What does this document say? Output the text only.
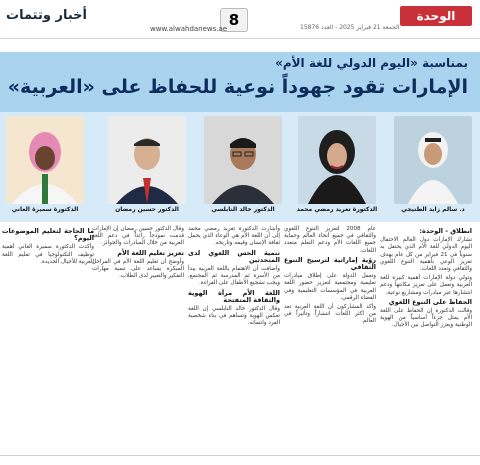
أخبار وتتمات	8
www.alwahdanews.ae	الجمعة 21 فبراير 2025 - العدد 15876
الوحدة
بمناسبة «اليوم الدولي للغة الأم»
الإمارات تقود جهوداً نوعية للحفاظ على «العربية»
د. سالم زايد الطنيجي
الدكتورة تغريد رمضي محمد
الدكتور خالد النابلسي
الدكتور حسين رمضان
الدكتورة سميرة العاني
انطلاق - الوحدة:

تشارك الإمارات دول العالم الاحتفال اليوم الدولي للغة الأم الذي يحتفل به سنوياً في 21 فبراير من كل عام بهدف تعزيز الوعي بأهمية التنوع اللغوي والثقافي وتعدد اللغات.

وتولي دولة الإمارات أهمية كبيرة للغة العربية وتعمل على تعزيز مكانتها ودعم انتشارها عبر مبادرات ومشاريع نوعية.

الحفاظ على التنوع اللغوي

وقالت الدكتورة إن الحفاظ على اللغة الأم يمثل جزءاً أساسياً من الهوية الوطنية ويعزز التواصل بين الأجيال.

عام 2008 لتعزيز التنوع اللغوي والثقافي في جميع أنحاء العالم وحماية جميع اللغات الأم ودعم التعلم متعدد اللغات.

رؤية إماراتية لترسيخ التنوع الثقافي

وتعمل الدولة على إطلاق مبادرات تعليمية ومجتمعية لتعزيز حضور اللغة العربية في المؤسسات التعليمية وفي الفضاء الرقمي.

وأكد المشاركون أن اللغة العربية تعد من أكثر اللغات انتشاراً وتأثيراً في العالم.

وأشارت الدكتورة تغريد رمضي محمد إلى أن اللغة الأم هي الوعاء الذي يحمل ثقافة الإنسان وقيمه وتاريخه.

تنمية الحس اللغوي لدى المتحدثين

وأضافت أن الاهتمام باللغة العربية يبدأ من الأسرة ثم المدرسة ثم المجتمع، ويجب تشجيع الأطفال على القراءة.

اللغة الأم مرآة الهوية والثقافة المتفتحة

وقال الدكتور خالد النابلسي إن اللغة تعكس الهوية وتساهم في بناء شخصية الفرد وانتمائه.

وقال الدكتور حسين رمضان إن الإمارات قدمت نموذجاً رائداً في دعم اللغة العربية من خلال المبادرات والجوائز.

تعزيز تعليم اللغة الأم

وأوضح أن تعليم اللغة الأم في المراحل المبكرة يساعد على تنمية مهارات التفكير والتعبير لدى الطلاب.

ما الحاجة لتعليم الموضوعات اليوم؟

وأكدت الدكتورة سميرة العاني أهمية توظيف التكنولوجيا في تعليم اللغة العربية للأجيال الجديدة.
